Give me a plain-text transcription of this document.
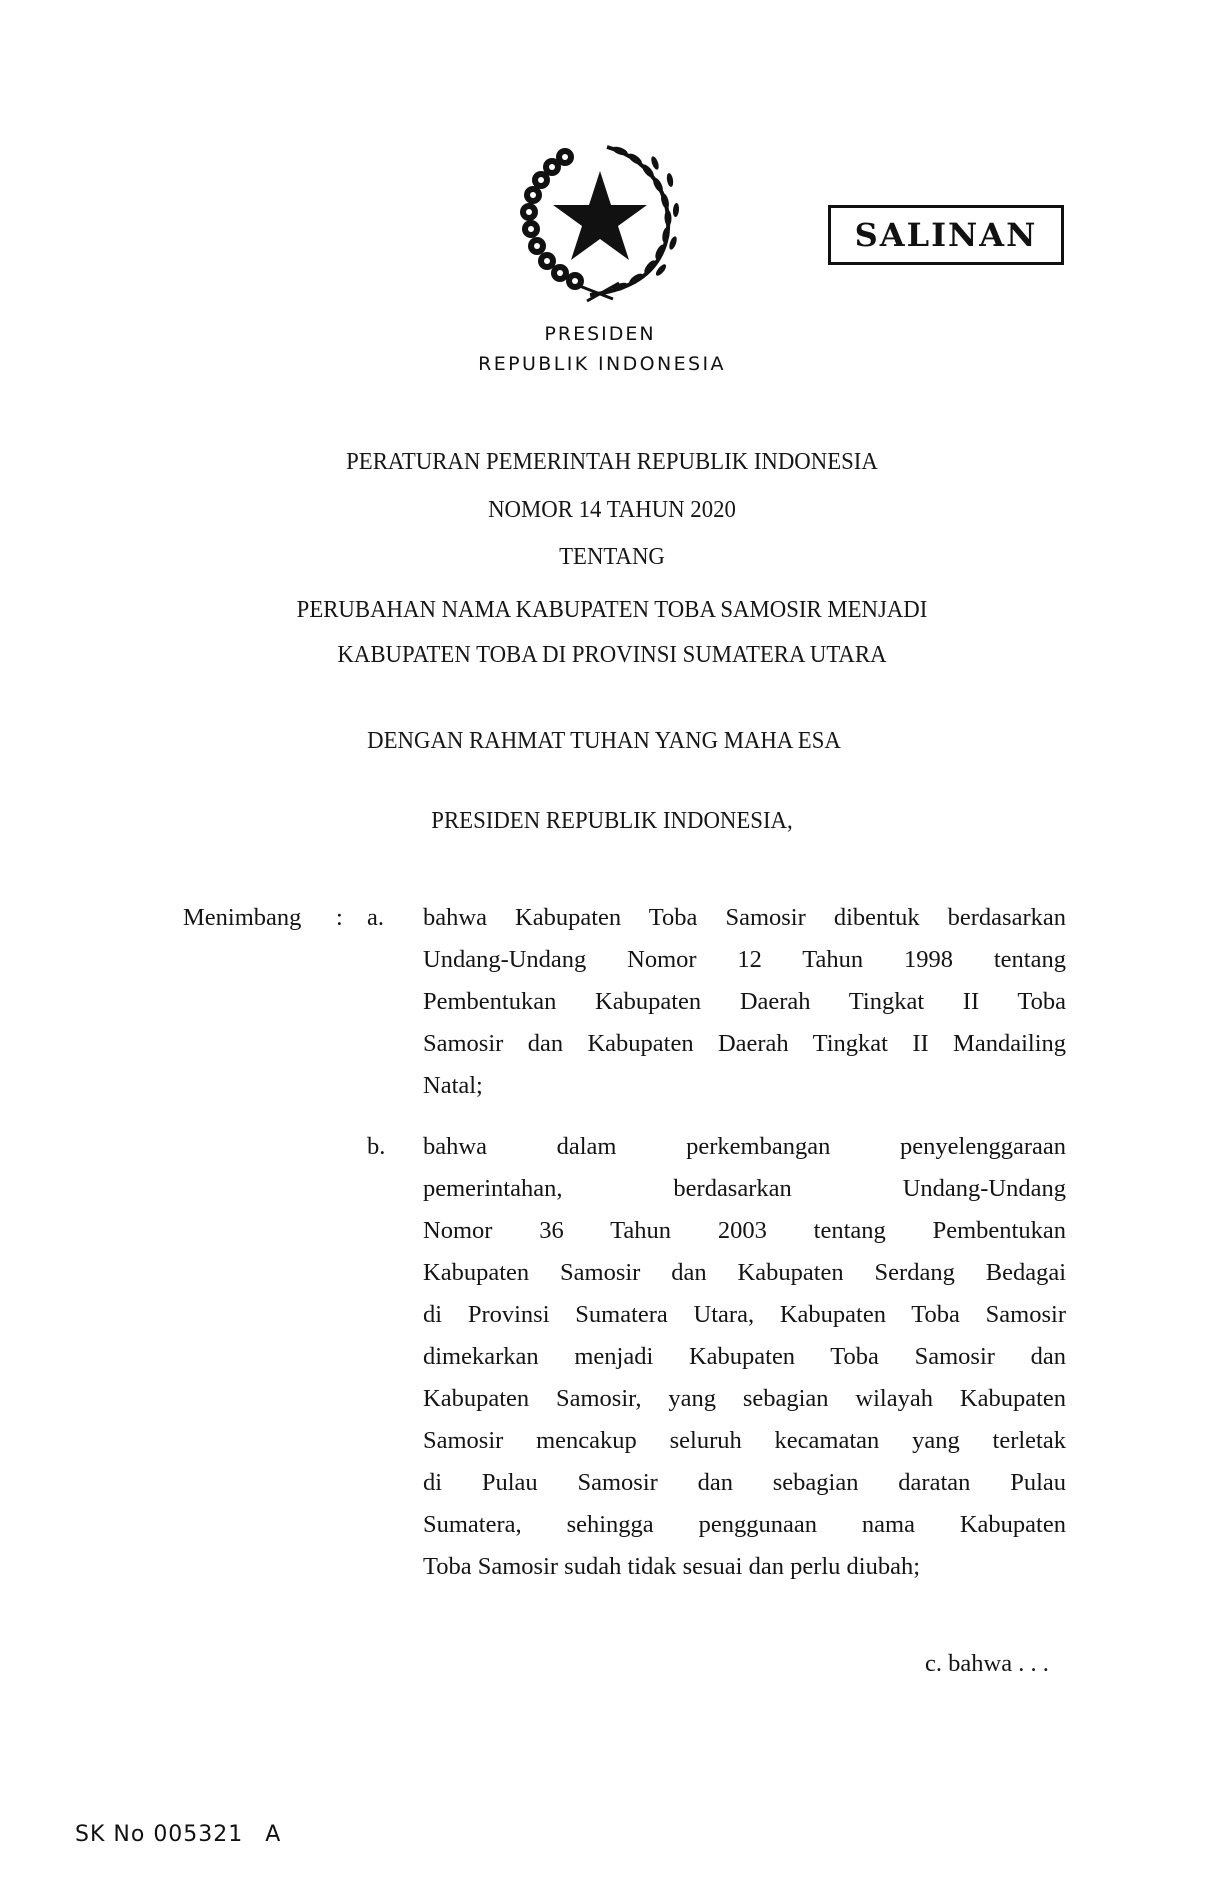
PRESIDEN
REPUBLIK INDONESIA
SALINAN
PERATURAN PEMERINTAH REPUBLIK INDONESIA
NOMOR 14 TAHUN 2020
TENTANG
PERUBAHAN NAMA KABUPATEN TOBA SAMOSIR MENJADI
KABUPATEN TOBA DI PROVINSI SUMATERA UTARA
DENGAN RAHMAT TUHAN YANG MAHA ESA
PRESIDEN REPUBLIK INDONESIA,
Menimbang : a. bahwa Kabupaten Toba Samosir dibentuk berdasarkan
Undang-Undang Nomor 12 Tahun 1998 tentang
Pembentukan Kabupaten Daerah Tingkat II Toba
Samosir dan Kabupaten Daerah Tingkat II Mandailing
Natal;
b. bahwa dalam perkembangan penyelenggaraan
pemerintahan, berdasarkan Undang-Undang
Nomor 36 Tahun 2003 tentang Pembentukan
Kabupaten Samosir dan Kabupaten Serdang Bedagai
di Provinsi Sumatera Utara, Kabupaten Toba Samosir
dimekarkan menjadi Kabupaten Toba Samosir dan
Kabupaten Samosir, yang sebagian wilayah Kabupaten
Samosir mencakup seluruh kecamatan yang terletak
di Pulau Samosir dan sebagian daratan Pulau
Sumatera, sehingga penggunaan nama Kabupaten
Toba Samosir sudah tidak sesuai dan perlu diubah;
c. bahwa . . .
SK No 005321 A
